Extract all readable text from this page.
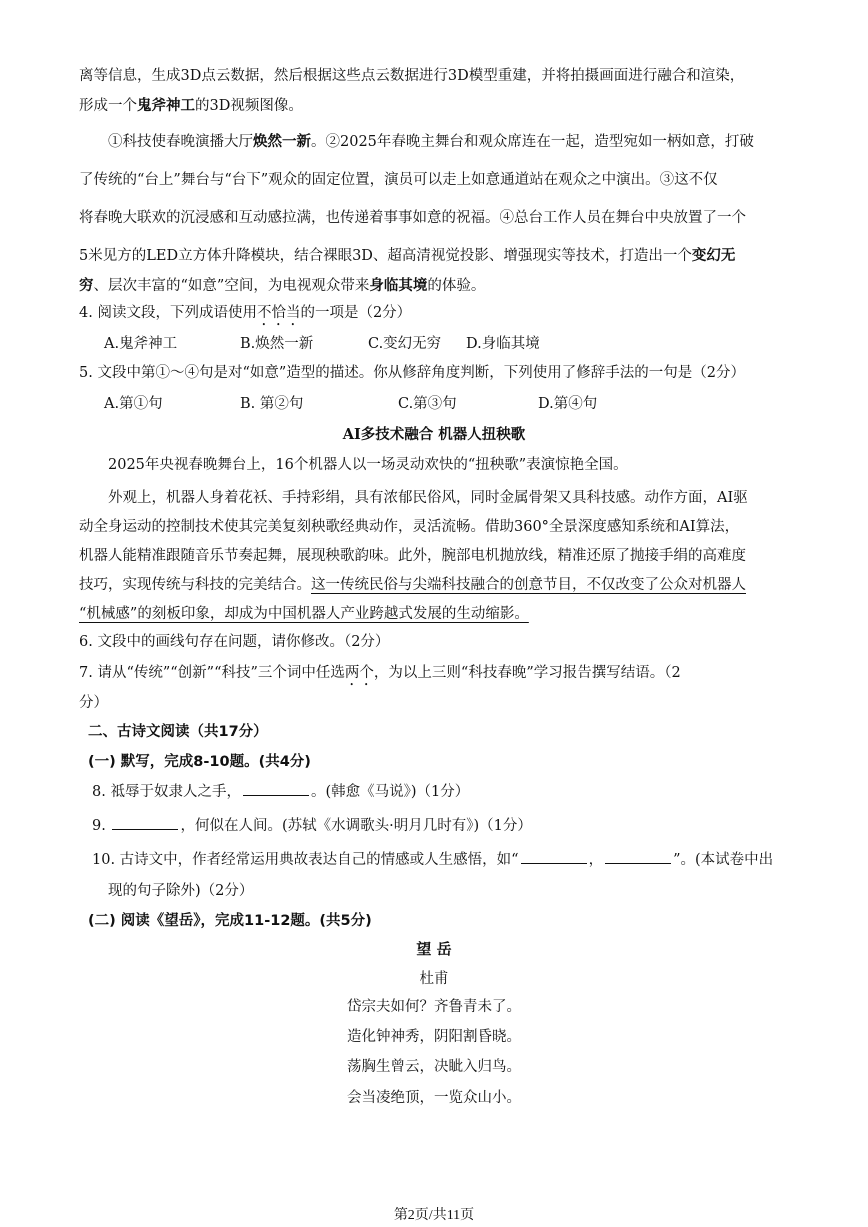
离等信息，生成3D点云数据，然后根据这些点云数据进行3D模型重建，并将拍摄画面进行融合和渲染，
形成一个鬼斧神工的3D视频图像。
①科技使春晚演播大厅焕然一新。②2025年春晚主舞台和观众席连在一起，造型宛如一柄如意，打破
了传统的“台上”舞台与“台下”观众的固定位置，演员可以走上如意通道站在观众之中演出。③这不仅
将春晚大联欢的沉浸感和互动感拉满，也传递着事事如意的祝福。④总台工作人员在舞台中央放置了一个
5米见方的LED立方体升降模块，结合裸眼3D、超高清视觉投影、增强现实等技术，打造出一个变幻无
穷、层次丰富的“如意”空间，为电视观众带来身临其境的体验。
4. 阅读文段，下列成语使用不恰当的一项是（2分）
A.鬼斧神工	B.焕然一新	C.变幻无穷 D.身临其境
5. 文段中第①～④句是对“如意”造型的描述。你从修辞角度判断，下列使用了修辞手法的一句是（2分）
A.第①句	B. 第②句	C.第③句	D.第④句
AI多技术融合 机器人扭秧歌
2025年央视春晚舞台上，16个机器人以一场灵动欢快的“扭秧歌”表演惊艳全国。
外观上，机器人身着花袄、手持彩绢，具有浓郁民俗风，同时金属骨架又具科技感。动作方面，AI驱
动全身运动的控制技术使其完美复刻秧歌经典动作，灵活流畅。借助360°全景深度感知系统和AI算法，
机器人能精准跟随音乐节奏起舞，展现秧歌韵味。此外，腕部电机抛放线，精准还原了抛接手绢的高难度
技巧，实现传统与科技的完美结合。这一传统民俗与尖端科技融合的创意节目，不仅改变了公众对机器人
“机械感”的刻板印象，却成为中国机器人产业跨越式发展的生动缩影。
6. 文段中的画线句存在问题，请你修改。（2分）
7. 请从“传统”“创新”“科技”三个词中任选两个，为以上三则“科技春晚”学习报告撰写结语。（2
分）
二、古诗文阅读（共17分）
(一) 默写，完成8-10题。(共4分)
8. 祗辱于奴隶人之手，	。(韩愈《马说》)（1分）
9.	，何似在人间。(苏轼《水调歌头·明月几时有》)（1分）
10. 古诗文中，作者经常运用典故表达自己的情感或人生感悟，如“	，	”。(本试卷中出
现的句子除外)（2分）
(二) 阅读《望岳》，完成11-12题。(共5分)
望 岳
杜甫
岱宗夫如何？齐鲁青未了。
造化钟神秀，阴阳割昏晓。
荡胸生曾云，决眦入归鸟。
会当凌绝顶，一览众山小。
第2页/共11页
